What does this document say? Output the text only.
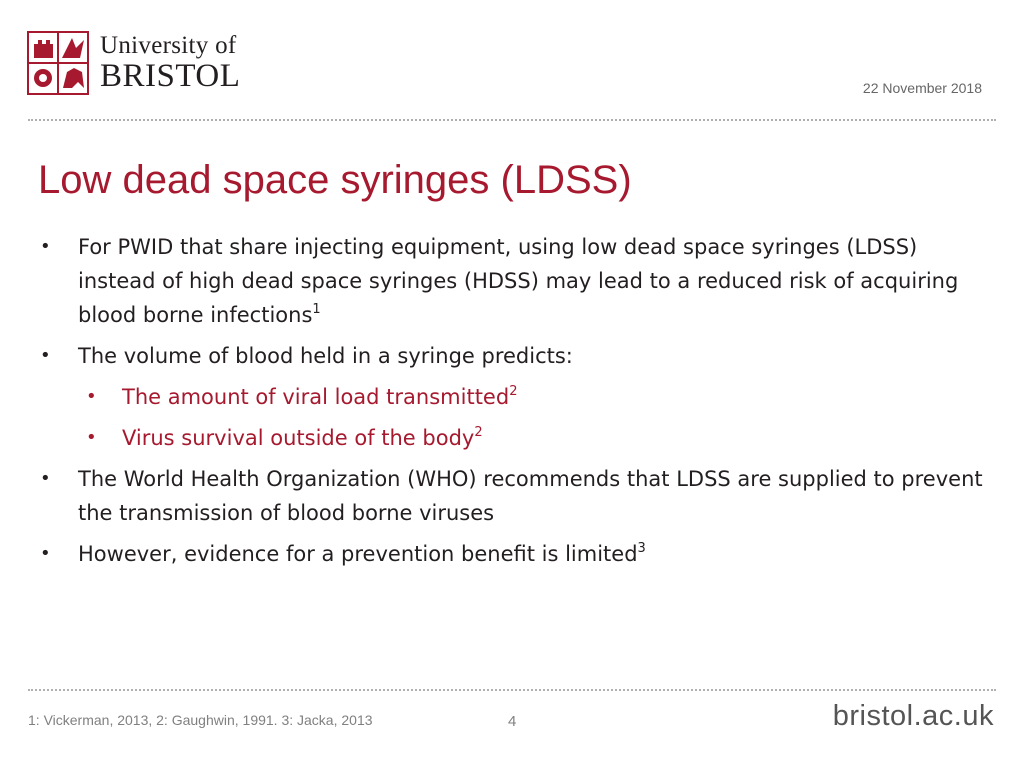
University of
BRISTOL	22 November 2018
Low dead space syringes (LDSS)
• For PWID that share injecting equipment, using low dead space syringes (LDSS) instead of high dead space syringes (HDSS) may lead to a reduced risk of acquiring blood borne infections$^1$
• The volume of blood held in a syringe predicts:
• The amount of viral load transmitted$^2$
• Virus survival outside of the body$^2$
• The World Health Organization (WHO) recommends that LDSS are supplied to prevent the transmission of blood borne viruses
• However, evidence for a prevention benefit is limited$^3$
1: Vickerman, 2013, 2: Gaughwin, 1991. 3: Jacka, 2013	4	bristol.ac.uk
